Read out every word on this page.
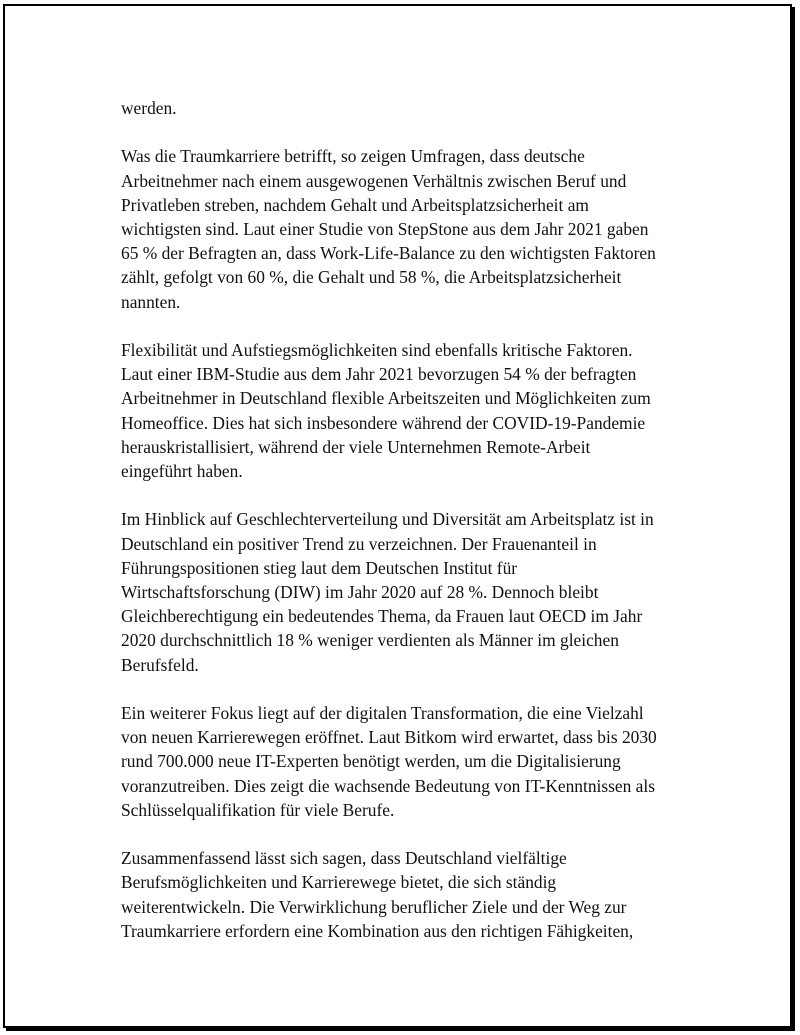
werden.

Was die Traumkarriere betrifft, so zeigen Umfragen, dass deutsche
Arbeitnehmer nach einem ausgewogenen Verhältnis zwischen Beruf und
Privatleben streben, nachdem Gehalt und Arbeitsplatzsicherheit am
wichtigsten sind. Laut einer Studie von StepStone aus dem Jahr 2021 gaben
65 % der Befragten an, dass Work-Life-Balance zu den wichtigsten Faktoren
zählt, gefolgt von 60 %, die Gehalt und 58 %, die Arbeitsplatzsicherheit
nannten.

Flexibilität und Aufstiegsmöglichkeiten sind ebenfalls kritische Faktoren.
Laut einer IBM-Studie aus dem Jahr 2021 bevorzugen 54 % der befragten
Arbeitnehmer in Deutschland flexible Arbeitszeiten und Möglichkeiten zum
Homeoffice. Dies hat sich insbesondere während der COVID-19-Pandemie
herauskristallisiert, während der viele Unternehmen Remote-Arbeit
eingeführt haben.

Im Hinblick auf Geschlechterverteilung und Diversität am Arbeitsplatz ist in
Deutschland ein positiver Trend zu verzeichnen. Der Frauenanteil in
Führungspositionen stieg laut dem Deutschen Institut für
Wirtschaftsforschung (DIW) im Jahr 2020 auf 28 %. Dennoch bleibt
Gleichberechtigung ein bedeutendes Thema, da Frauen laut OECD im Jahr
2020 durchschnittlich 18 % weniger verdienten als Männer im gleichen
Berufsfeld.

Ein weiterer Fokus liegt auf der digitalen Transformation, die eine Vielzahl
von neuen Karrierewegen eröffnet. Laut Bitkom wird erwartet, dass bis 2030
rund 700.000 neue IT-Experten benötigt werden, um die Digitalisierung
voranzutreiben. Dies zeigt die wachsende Bedeutung von IT-Kenntnissen als
Schlüsselqualifikation für viele Berufe.

Zusammenfassend lässt sich sagen, dass Deutschland vielfältige
Berufsmöglichkeiten und Karrierewege bietet, die sich ständig
weiterentwickeln. Die Verwirklichung beruflicher Ziele und der Weg zur
Traumkarriere erfordern eine Kombination aus den richtigen Fähigkeiten,
